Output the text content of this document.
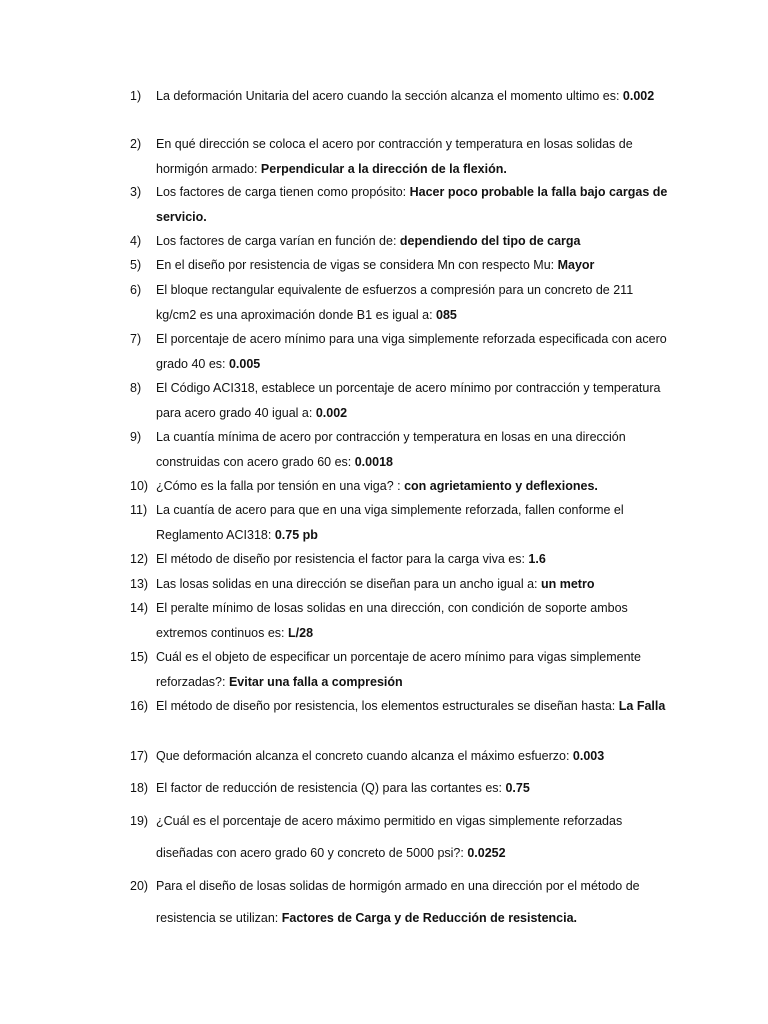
1)	La deformación Unitaria del acero cuando la sección alcanza el momento ultimo es: 0.002
2)	En qué dirección se coloca el acero por contracción y temperatura en losas solidas de hormigón armado: Perpendicular a la dirección de la flexión.
3)	Los factores de carga tienen como propósito: Hacer poco probable la falla bajo cargas de servicio.
4)	Los factores de carga varían en función de: dependiendo del tipo de carga
5)	En el diseño por resistencia de vigas se considera Mn con respecto Mu: Mayor
6)	El bloque rectangular equivalente de esfuerzos a compresión para un concreto de 211 kg/cm2 es una aproximación donde B1 es igual a: 085
7)	El porcentaje de acero mínimo para una viga simplemente reforzada especificada con acero grado 40 es: 0.005
8)	El Código ACI318, establece un porcentaje de acero mínimo por contracción y temperatura para acero grado 40 igual a: 0.002
9)	La cuantía mínima de acero por contracción y temperatura en losas en una dirección construidas con acero grado 60 es: 0.0018
10) ¿Cómo es la falla por tensión en una viga? : con agrietamiento y deflexiones.
11) La cuantía de acero para que en una viga simplemente reforzada, fallen conforme el Reglamento ACI318: 0.75 pb
12) El método de diseño por resistencia el factor para la carga viva es: 1.6
13) Las losas solidas en una dirección se diseñan para un ancho igual a: un metro
14) El peralte mínimo de losas solidas en una dirección, con condición de soporte ambos extremos continuos es: L/28
15) Cuál es el objeto de especificar un porcentaje de acero mínimo para vigas simplemente reforzadas?: Evitar una falla a compresión
16) El método de diseño por resistencia, los elementos estructurales se diseñan hasta: La Falla
17) Que deformación alcanza el concreto cuando alcanza el máximo esfuerzo: 0.003
18) El factor de reducción de resistencia (Q) para las cortantes es: 0.75
19) ¿Cuál es el porcentaje de acero máximo permitido en vigas simplemente reforzadas diseñadas con acero grado 60 y concreto de 5000 psi?: 0.0252
20) Para el diseño de losas solidas de hormigón armado en una dirección por el método de resistencia se utilizan: Factores de Carga y de Reducción de resistencia.
